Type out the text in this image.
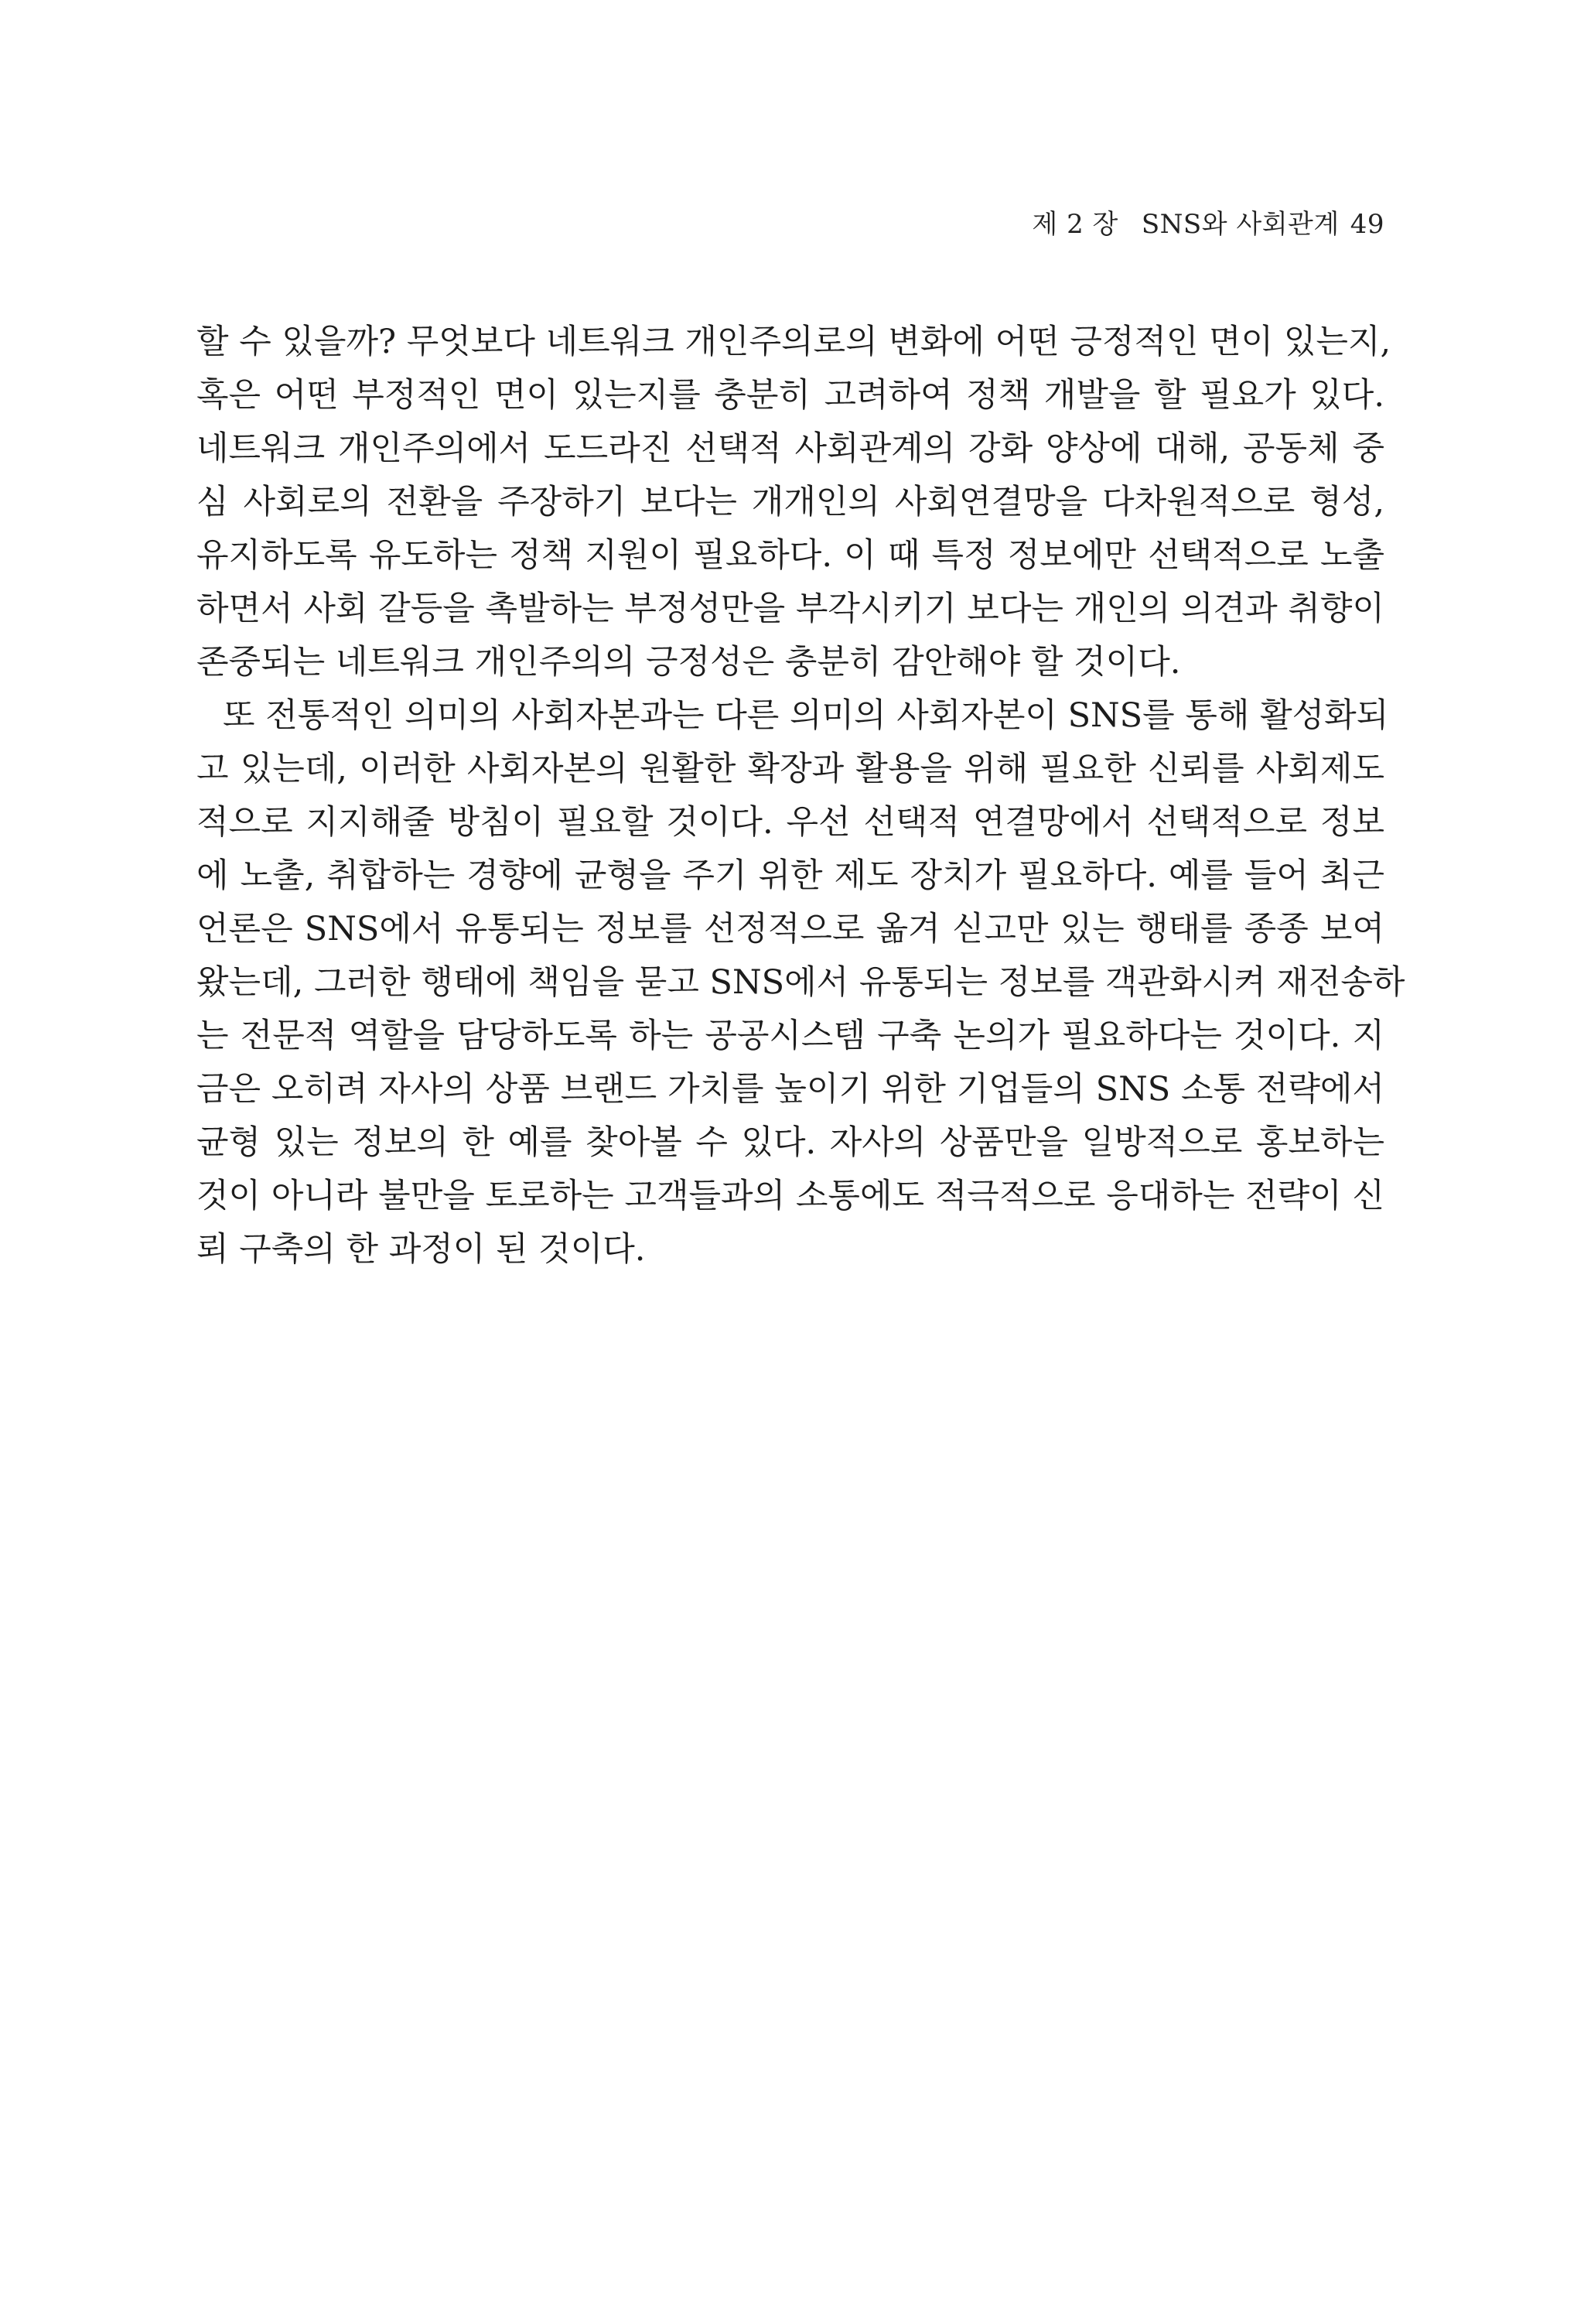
제 2 장 SNS와 사회관계 49
할 수 있을까? 무엇보다 네트워크 개인주의로의 변화에 어떤 긍정적인 면이 있는지,
혹은 어떤 부정적인 면이 있는지를 충분히 고려하여 정책 개발을 할 필요가 있다.
네트워크 개인주의에서 도드라진 선택적 사회관계의 강화 양상에 대해, 공동체 중
심 사회로의 전환을 주장하기 보다는 개개인의 사회연결망을 다차원적으로 형성,
유지하도록 유도하는 정책 지원이 필요하다. 이 때 특정 정보에만 선택적으로 노출
하면서 사회 갈등을 촉발하는 부정성만을 부각시키기 보다는 개인의 의견과 취향이
존중되는 네트워크 개인주의의 긍정성은 충분히 감안해야 할 것이다.
또 전통적인 의미의 사회자본과는 다른 의미의 사회자본이 SNS를 통해 활성화되
고 있는데, 이러한 사회자본의 원활한 확장과 활용을 위해 필요한 신뢰를 사회제도
적으로 지지해줄 방침이 필요할 것이다. 우선 선택적 연결망에서 선택적으로 정보
에 노출, 취합하는 경향에 균형을 주기 위한 제도 장치가 필요하다. 예를 들어 최근
언론은 SNS에서 유통되는 정보를 선정적으로 옮겨 싣고만 있는 행태를 종종 보여
왔는데, 그러한 행태에 책임을 묻고 SNS에서 유통되는 정보를 객관화시켜 재전송하
는 전문적 역할을 담당하도록 하는 공공시스템 구축 논의가 필요하다는 것이다. 지
금은 오히려 자사의 상품 브랜드 가치를 높이기 위한 기업들의 SNS 소통 전략에서
균형 있는 정보의 한 예를 찾아볼 수 있다. 자사의 상품만을 일방적으로 홍보하는
것이 아니라 불만을 토로하는 고객들과의 소통에도 적극적으로 응대하는 전략이 신
뢰 구축의 한 과정이 된 것이다.
